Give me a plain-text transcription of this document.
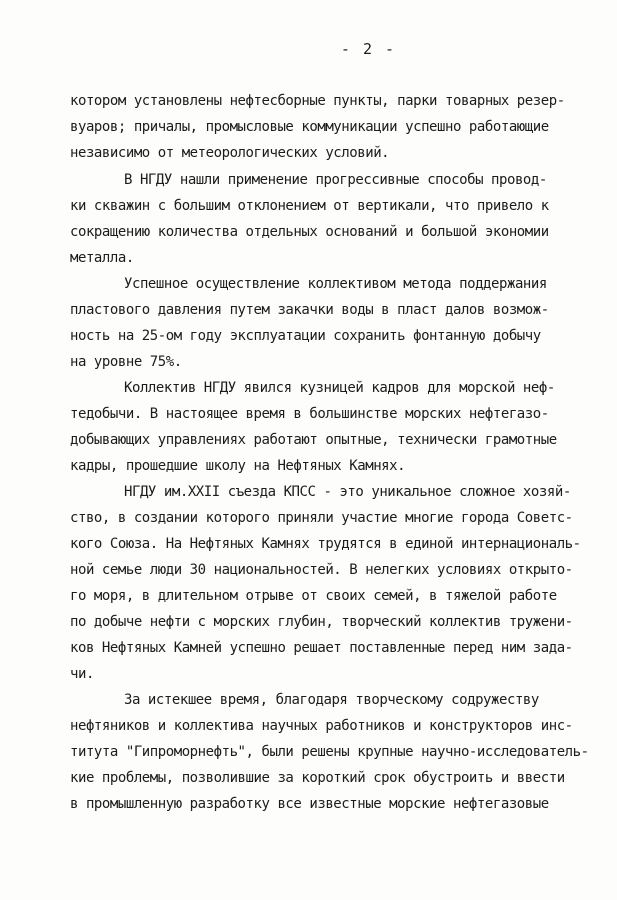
- 2 -
котором установлены нефтесборные пункты, парки товарных резер-
вуаров; причалы, промысловые коммуникации успешно работающие
независимо от метеорологических условий.
В НГДУ нашли применение прогрессивные способы провод-
ки скважин с большим отклонением от вертикали, что привело к
сокращению количества отдельных оснований и большой экономии
металла.
Успешное осуществление коллективом метода поддержания
пластового давления путем закачки воды в пласт далов возмож-
ность на 25-ом году эксплуатации сохранить фонтанную добычу
на уровне 75%.
Коллектив НГДУ явился кузницей кадров для морской неф-
тедобычи. В настоящее время в большинстве морских нефтегазо-
добывающих управлениях работают опытные, технически грамотные
кадры, прошедшие школу на Нефтяных Камнях.
НГДУ им.XXII съезда КПСС - это уникальное сложное хозяй-
ство, в создании которого приняли участие многие города Советс-
кого Союза. На Нефтяных Камнях трудятся в единой интернациональ-
ной семье люди 30 национальностей. В нелегких условиях открыто-
го моря, в длительном отрыве от своих семей, в тяжелой работе
по добыче нефти с морских глубин, творческий коллектив тружени-
ков Нефтяных Камней успешно решает поставленные перед ним зада-
чи.
За истекшее время, благодаря творческому содружеству
нефтяников и коллектива научных работников и конструкторов инс-
титута "Гипроморнефть", были решены крупные научно-исследователь-
кие проблемы, позволившие за короткий срок обустроить и ввести
в промышленную разработку все известные морские нефтегазовые
